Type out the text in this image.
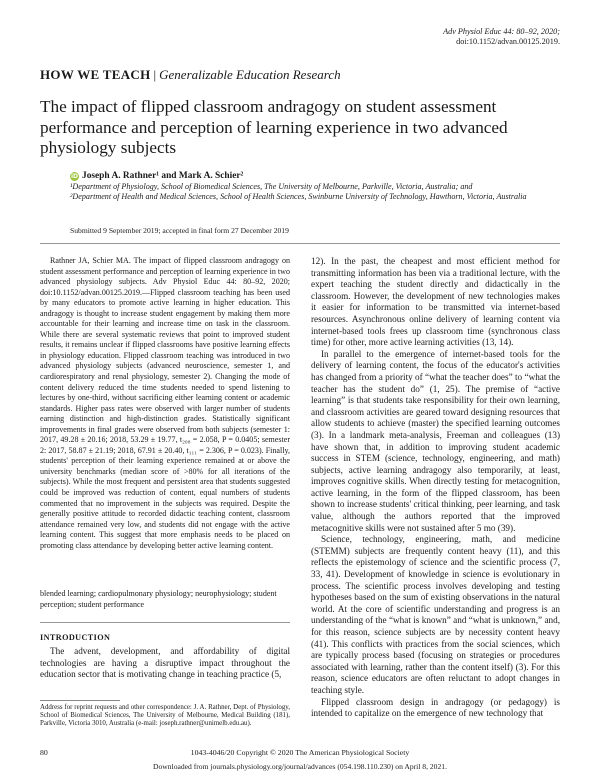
Adv Physiol Educ 44: 80–92, 2020;
doi:10.1152/advan.00125.2019.
HOW WE TEACH | Generalizable Education Research
The impact of flipped classroom andragogy on student assessment performance and perception of learning experience in two advanced physiology subjects
iD Joseph A. Rathner¹ and Mark A. Schier²

¹Department of Physiology, School of Biomedical Sciences, The University of Melbourne, Parkville, Victoria, Australia; and

²Department of Health and Medical Sciences, School of Health Sciences, Swinburne University of Technology, Hawthorn, Victoria, Australia

Submitted 9 September 2019; accepted in final form 27 December 2019

Rathner JA, Schier MA. The impact of flipped classroom andragogy on student assessment performance and perception of learning experience in two advanced physiology subjects. Adv Physiol Educ 44: 80–92, 2020; doi:10.1152/advan.00125.2019.—Flipped classroom teaching has been used by many educators to promote active learning in higher education. This andragogy is thought to increase student engagement by making them more accountable for their learning and increase time on task in the classroom. While there are several systematic reviews that point to improved student results, it remains unclear if flipped classrooms have positive learning effects in physiology education. Flipped classroom teaching was introduced in two advanced physiology subjects (advanced neuroscience, semester 1, and cardiorespiratory and renal physiology, semester 2). Changing the mode of content delivery reduced the time students needed to spend listening to lectures by one-third, without sacrificing either learning content or academic standards. Higher pass rates were observed with larger number of students earning distinction and high-distinction grades. Statistically significant improvements in final grades were observed from both subjects (semester 1: 2017, 49.28 ± 20.16; 2018, 53.29 ± 19.77, t₂₀₈ = 2.058, P = 0.0405; semester 2: 2017, 58.87 ± 21.19; 2018, 67.91 ± 20.40, t₁₁₁ = 2.306, P = 0.023). Finally, students' perception of their learning experience remained at or above the university benchmarks (median score of >80% for all iterations of the subjects). While the most frequent and persistent area that students suggested could be improved was reduction of content, equal numbers of students commented that no improvement in the subjects was required. Despite the generally positive attitude to recorded didactic teaching content, classroom attendance remained very low, and students did not engage with the active learning content. This suggest that more emphasis needs to be placed on promoting class attendance by developing better active learning content.

blended learning; cardiopulmonary physiology; neurophysiology; student perception; student performance
INTRODUCTION
The advent, development, and affordability of digital technologies are having a disruptive impact throughout the education sector that is motivating change in teaching practice (5,
Address for reprint requests and other correspondence: J. A. Rathner, Dept. of Physiology, School of Biomedical Sciences, The University of Melbourne, Medical Building (181), Parkville, Victoria 3010, Australia (e-mail: joseph.rathner@unimelb.edu.au).

12). In the past, the cheapest and most efficient method for transmitting information has been via a traditional lecture, with the expert teaching the student directly and didactically in the classroom. However, the development of new technologies makes it easier for information to be transmitted via internet-based resources. Asynchronous online delivery of learning content via internet-based tools frees up classroom time (synchronous class time) for other, more active learning activities (13, 14).

In parallel to the emergence of internet-based tools for the delivery of learning content, the focus of the educator's activities has changed from a priority of “what the teacher does” to “what the teacher has the student do” (1, 25). The premise of “active learning” is that students take responsibility for their own learning, and classroom activities are geared toward designing resources that allow students to achieve (master) the specified learning outcomes (3). In a landmark meta-analysis, Freeman and colleagues (13) have shown that, in addition to improving student academic success in STEM (science, technology, engineering, and math) subjects, active learning andragogy also temporarily, at least, improves cognitive skills. When directly testing for metacognition, active learning, in the form of the flipped classroom, has been shown to increase students' critical thinking, peer learning, and task value, although the authors reported that the improved metacognitive skills were not sustained after 5 mo (39).

Science, technology, engineering, math, and medicine (STEMM) subjects are frequently content heavy (11), and this reflects the epistemology of science and the scientific process (7, 33, 41). Development of knowledge in science is evolutionary in process. The scientific process involves developing and testing hypotheses based on the sum of existing observations in the natural world. At the core of scientific understanding and progress is an understanding of the “what is known” and “what is unknown,” and, for this reason, science subjects are by necessity content heavy (41). This conflicts with practices from the social sciences, which are typically process based (focusing on strategies or procedures associated with learning, rather than the content itself) (3). For this reason, science educators are often reluctant to adopt changes in teaching style.

Flipped classroom design in andragogy (or pedagogy) is intended to capitalize on the emergence of new technology that

1043-4046/20 Copyright © 2020 The American Physiological Society
80
Downloaded from journals.physiology.org/journal/advances (054.198.110.230) on April 8, 2021.
